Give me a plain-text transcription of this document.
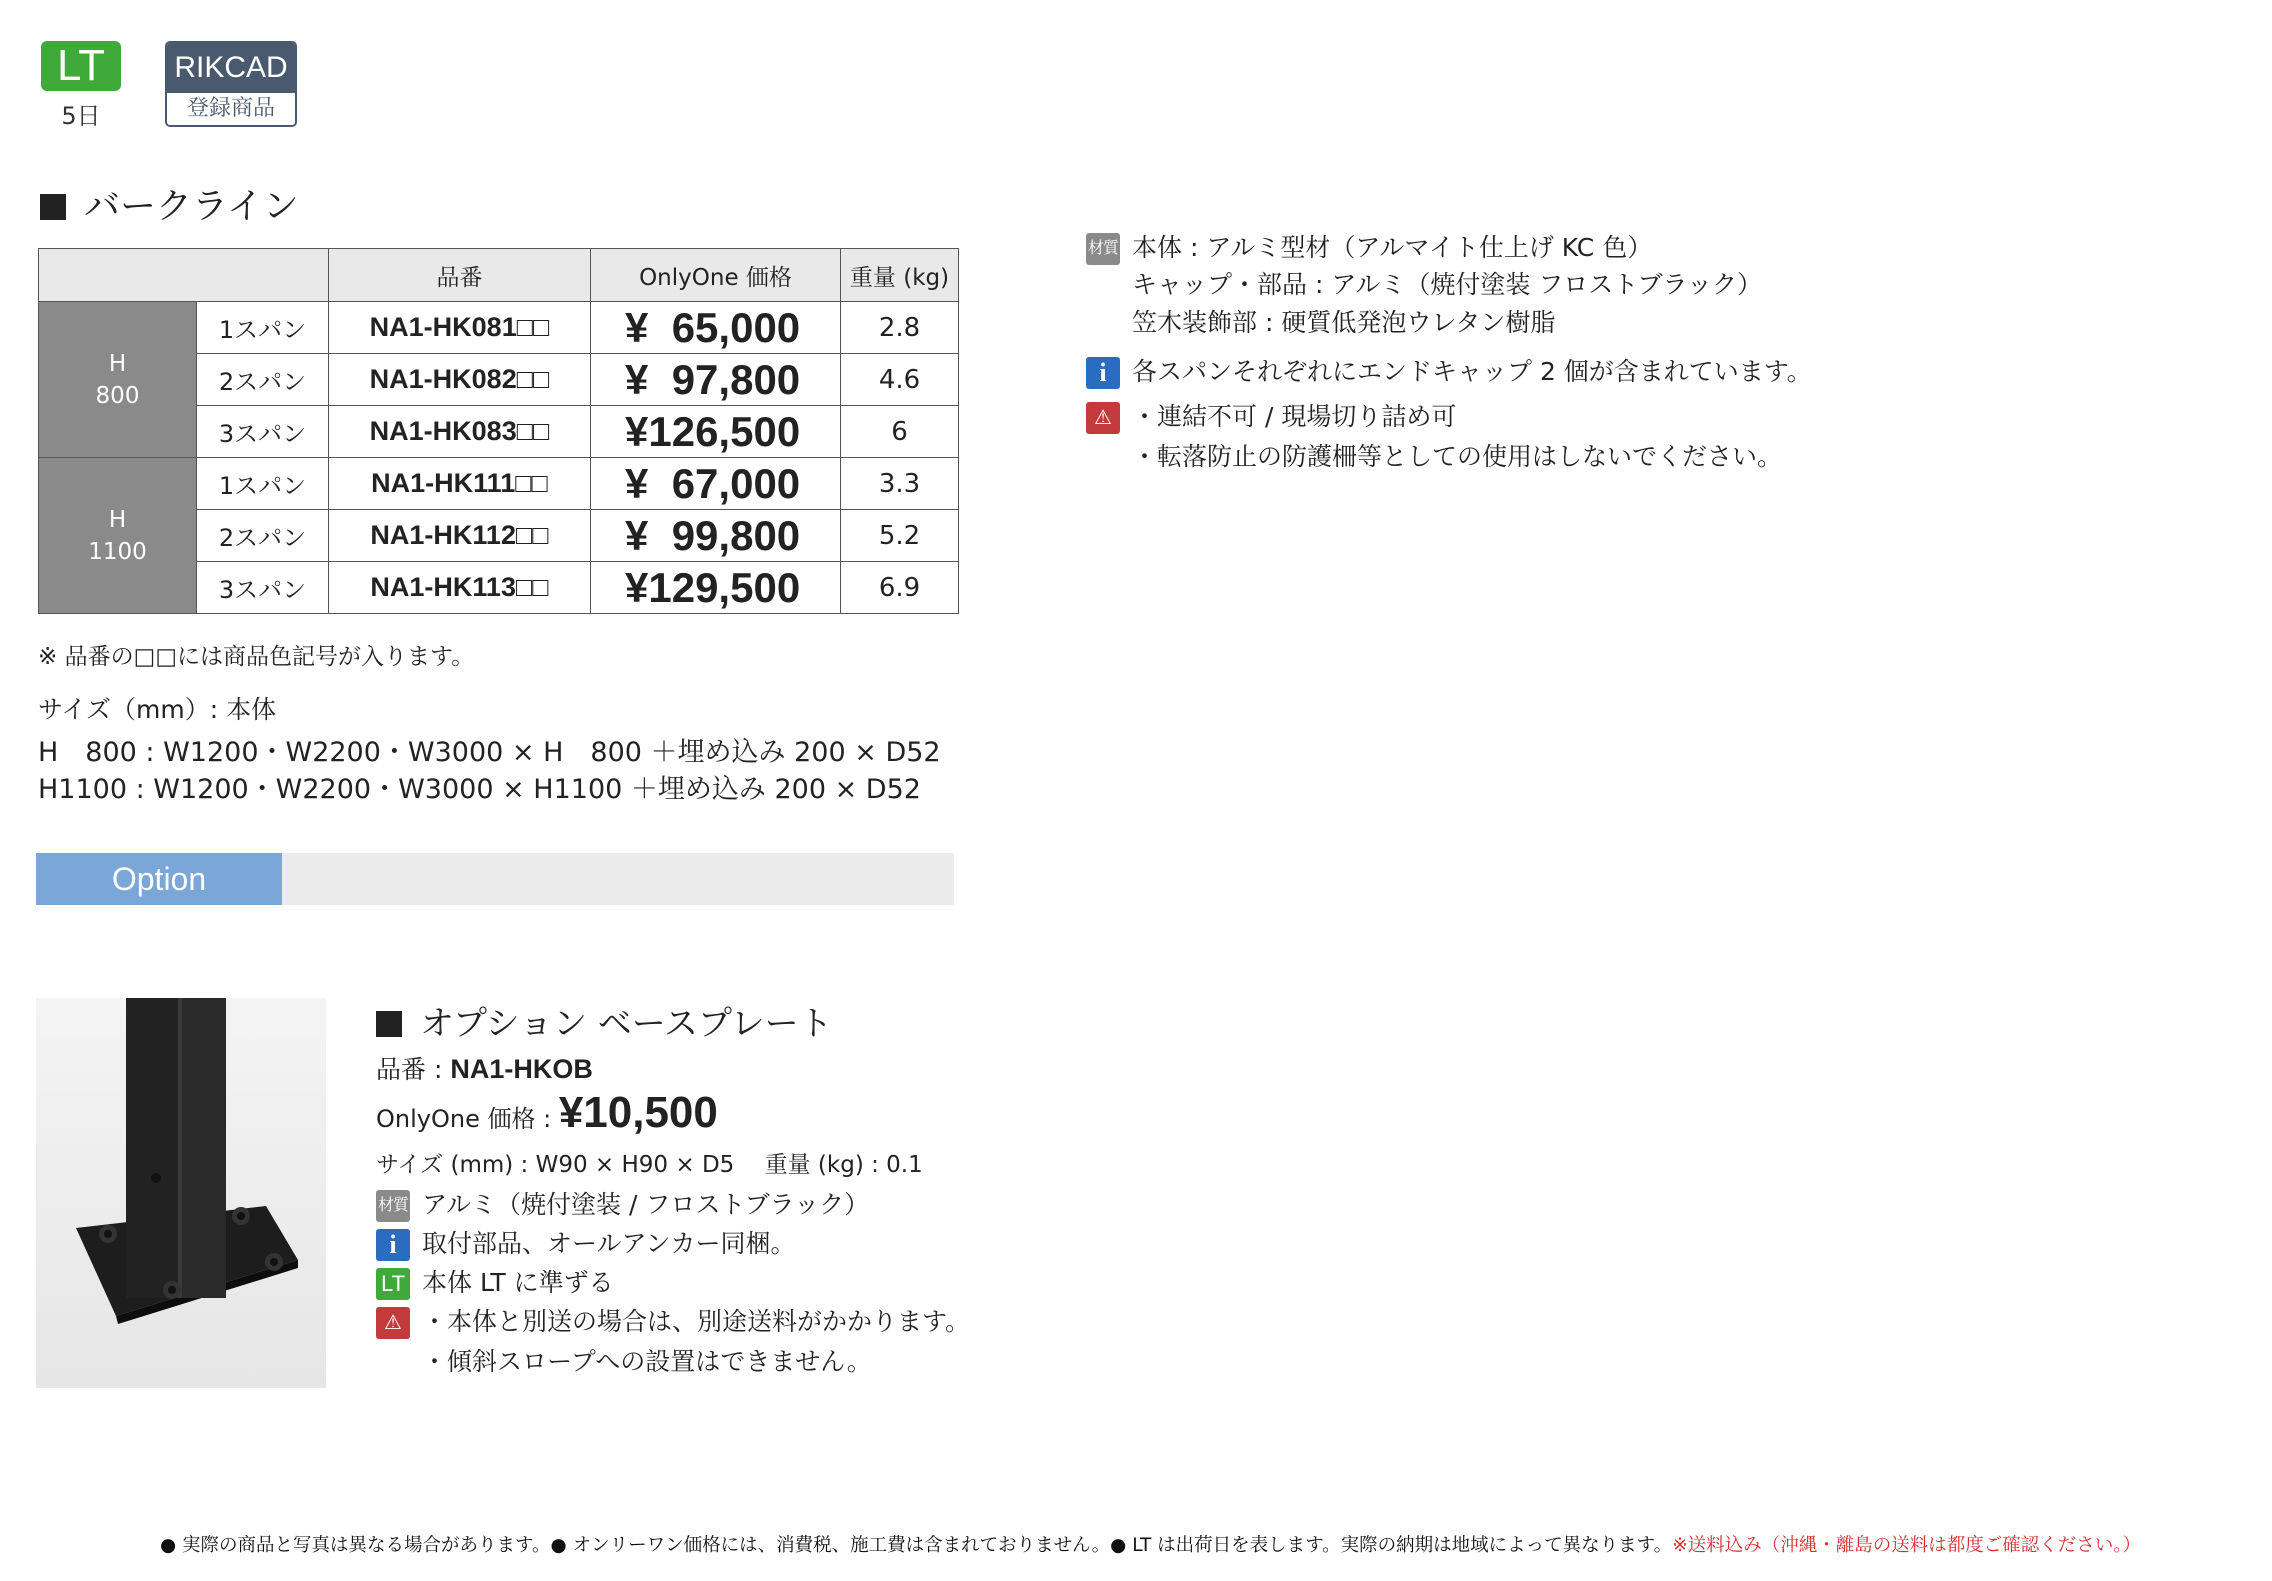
LT
5日
RIKCAD
登録商品
バークライン
		品番	OnlyOne 価格	重量 (kg)
H
800	1スパン	NA1-HK081□□	¥  65,000	2.8
	2スパン	NA1-HK082□□	¥  97,800	4.6
	3スパン	NA1-HK083□□	¥126,500	6
H
1100	1スパン	NA1-HK111□□	¥  67,000	3.3
	2スパン	NA1-HK112□□	¥  99,800	5.2
	3スパン	NA1-HK113□□	¥129,500	6.9
※ 品番の□□には商品色記号が入ります。
サイズ（mm）: 本体
H　800 : W1200・W2200・W3000 × H　800 ＋埋め込み 200 × D52
H1100 : W1200・W2200・W3000 × H1100 ＋埋め込み 200 × D52
材質 本体 : アルミ型材（アルマイト仕上げ KC 色）
キャップ・部品 : アルミ（焼付塗装 フロストブラック）
笠木装飾部 : 硬質低発泡ウレタン樹脂
i 各スパンそれぞれにエンドキャップ 2 個が含まれています。
⚠ ・連結不可 / 現場切り詰め可
・転落防止の防護柵等としての使用はしないでください。
Option
オプション ベースプレート
品番 : NA1-HKOB
OnlyOne 価格 : ¥10,500
サイズ (mm) : W90 × H90 × D5　 重量 (kg) : 0.1
材質 アルミ（焼付塗装 / フロストブラック）
i 取付部品、オールアンカー同梱。
LT 本体 LT に準ずる
⚠ ・本体と別送の場合は、別途送料がかかります。
・傾斜スロープへの設置はできません。
● 実際の商品と写真は異なる場合があります。● オンリーワン価格には、消費税、施工費は含まれておりません。● LT は出荷日を表します。実際の納期は地域によって異なります。※送料込み（沖縄・離島の送料は都度ご確認ください。）
